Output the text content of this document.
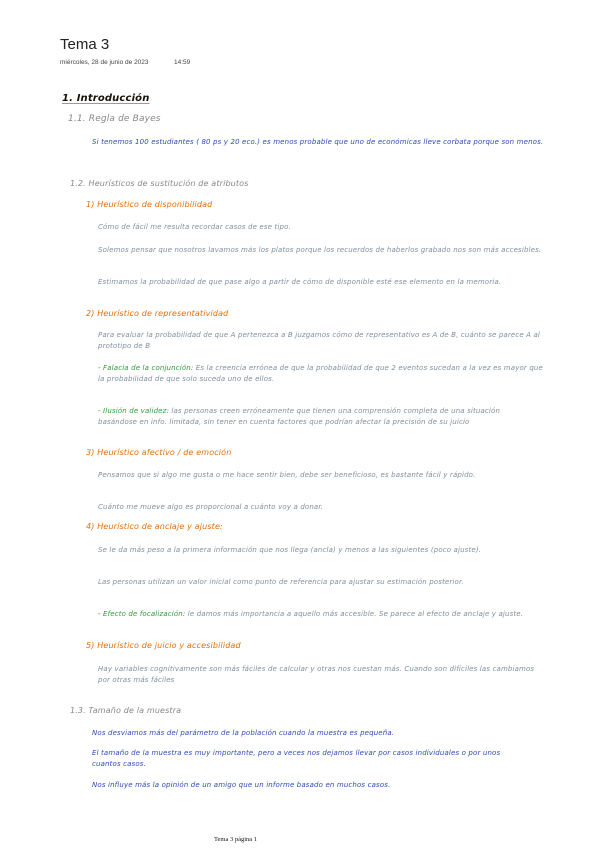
Tema 3
miércoles, 28 de junio de 2023	14:59
1. Introducción
1.1. Regla de Bayes
Si tenemos 100 estudiantes ( 80 ps y 20 eco.) es menos probable que uno de económicas lleve corbata porque son menos.
1.2. Heurísticos de sustitución de atributos
1) Heurístico de disponibilidad
Cómo de fácil me resulta recordar casos de ese tipo.
Solemos pensar que nosotros lavamos más los platos porque los recuerdos de haberlos grabado nos son más accesibles.
Estimamos la probabilidad de que pase algo a partir de cómo de disponible esté ese elemento en la memoria.
2) Heurístico de representatividad
Para evaluar la probabilidad de que A pertenezca a B juzgamos cómo de representativo es A de B, cuánto se parece A al prototipo de B
- Falacia de la conjunción: Es la creencia errónea de que la probabilidad de que 2 eventos sucedan a la vez es mayor que la probabilidad de que solo suceda uno de ellos.
- Ilusión de validez: las personas creen erróneamente que tienen una comprensión completa de una situación basándose en info. limitada, sin tener en cuenta factores que podrían afectar la precisión de su juicio
3) Heurístico afectivo / de emoción
Pensamos que si algo me gusta o me hace sentir bien, debe ser beneficioso, es bastante fácil y rápido.
Cuánto me mueve algo es proporcional a cuánto voy a donar.
4) Heurístico de anclaje y ajuste:
Se le da más peso a la primera información que nos llega (ancla) y menos a las siguientes (poco ajuste).
Las personas utilizan un valor inicial como punto de referencia para ajustar su estimación posterior.
- Efecto de focalización: le damos más importancia a aquello más accesible. Se parece al efecto de anclaje y ajuste.
5) Heurístico de juicio y accesibilidad
Hay variables cognitivamente son más fáciles de calcular y otras nos cuestan más. Cuando son difíciles las cambiamos por otras más fáciles
1.3. Tamaño de la muestra
Nos desviamos más del parámetro de la población cuando la muestra es pequeña.
El tamaño de la muestra es muy importante, pero a veces nos dejamos llevar por casos individuales o por unos cuantos casos.
Nos influye más la opinión de un amigo que un informe basado en muchos casos.
Tema 3 página 1
